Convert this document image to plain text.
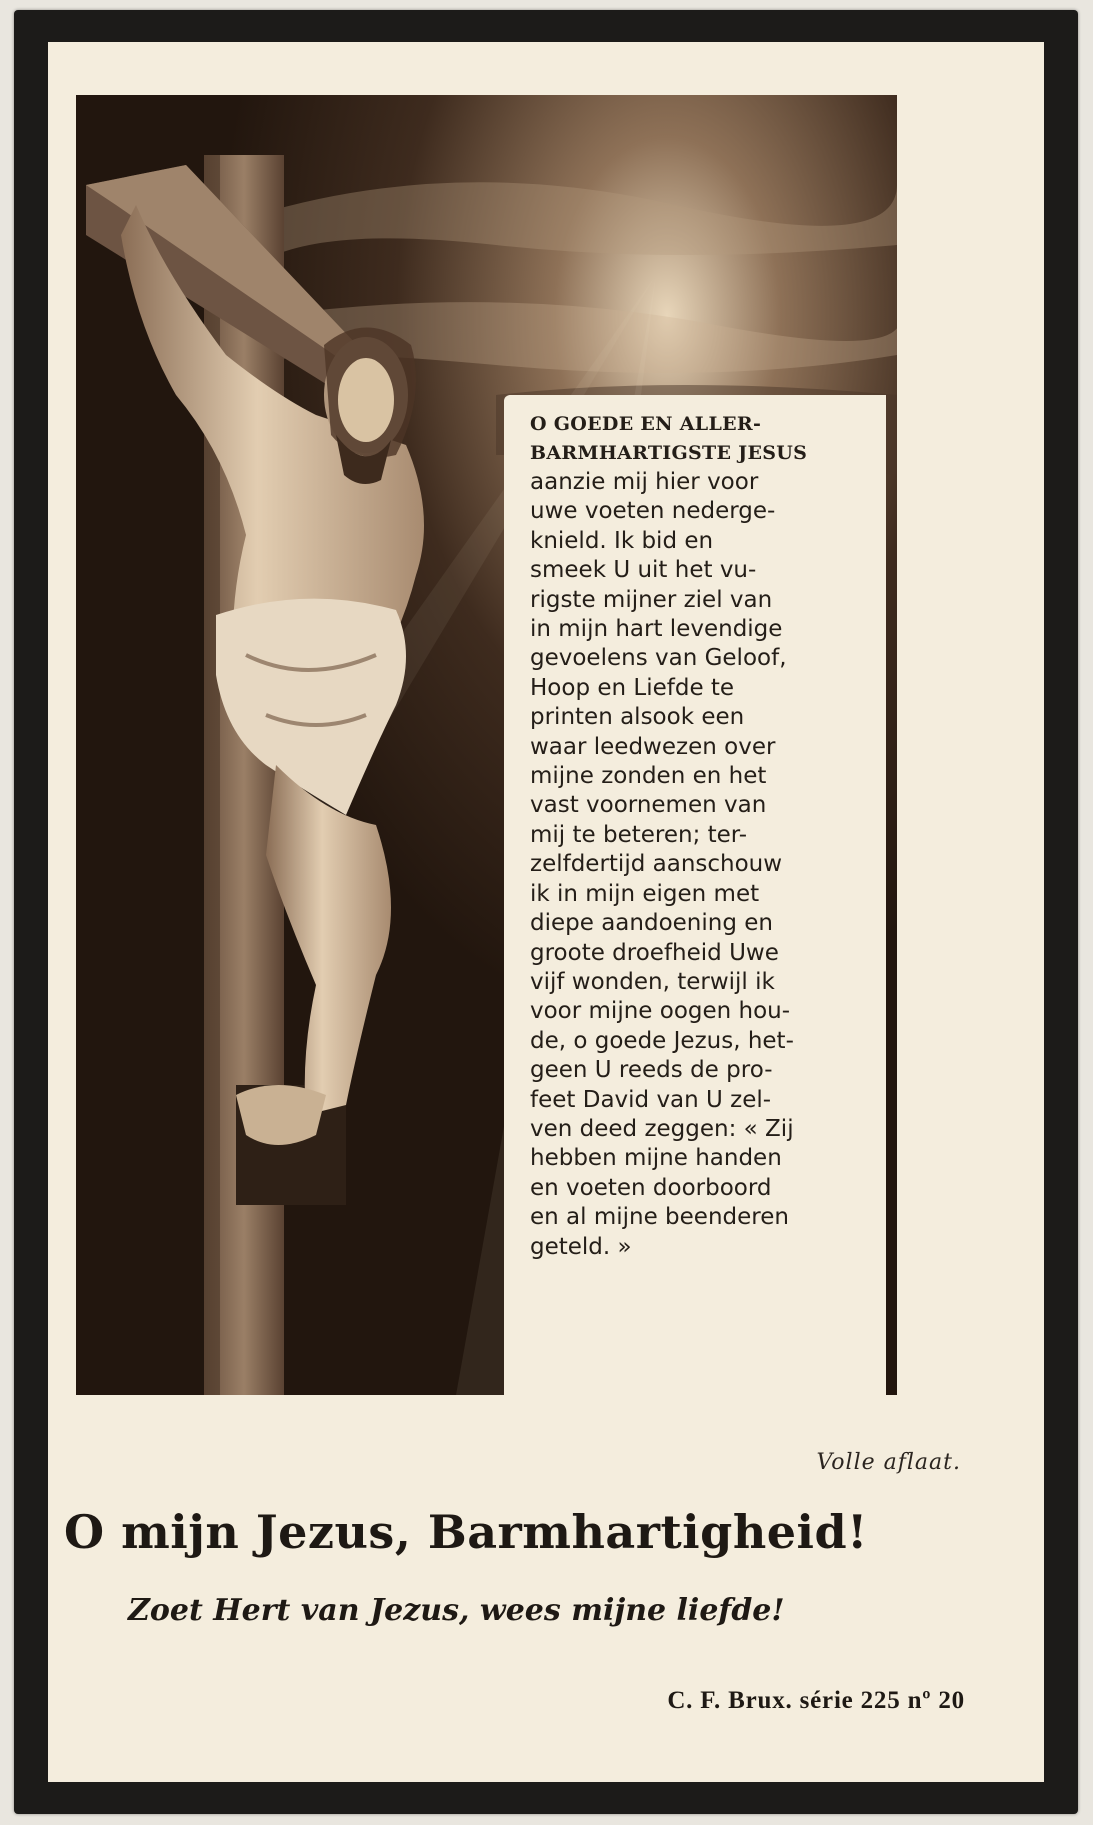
O GOEDE EN ALLER-
BARMHARTIGSTE JESUS
aanzie mij hier voor
uwe voeten nederge-
knield. Ik bid en
smeek U uit het vu-
rigste mijner ziel van
in mijn hart levendige
gevoelens van Geloof,
Hoop en Liefde te
printen alsook een
waar leedwezen over
mijne zonden en het
vast voornemen van
mij te beteren; ter-
zelfdertijd aanschouw
ik in mijn eigen met
diepe aandoening en
groote droefheid Uwe
vijf wonden, terwijl ik
voor mijne oogen hou-
de, o goede Jezus, het-
geen U reeds de pro-
feet David van U zel-
ven deed zeggen: « Zij
hebben mijne handen
en voeten doorboord
en al mijne beenderen
geteld. »
Volle aflaat.
O mijn Jezus, Barmhartigheid!
Zoet Hert van Jezus, wees mijne liefde!
C. F. Brux. série 225 nº 20
